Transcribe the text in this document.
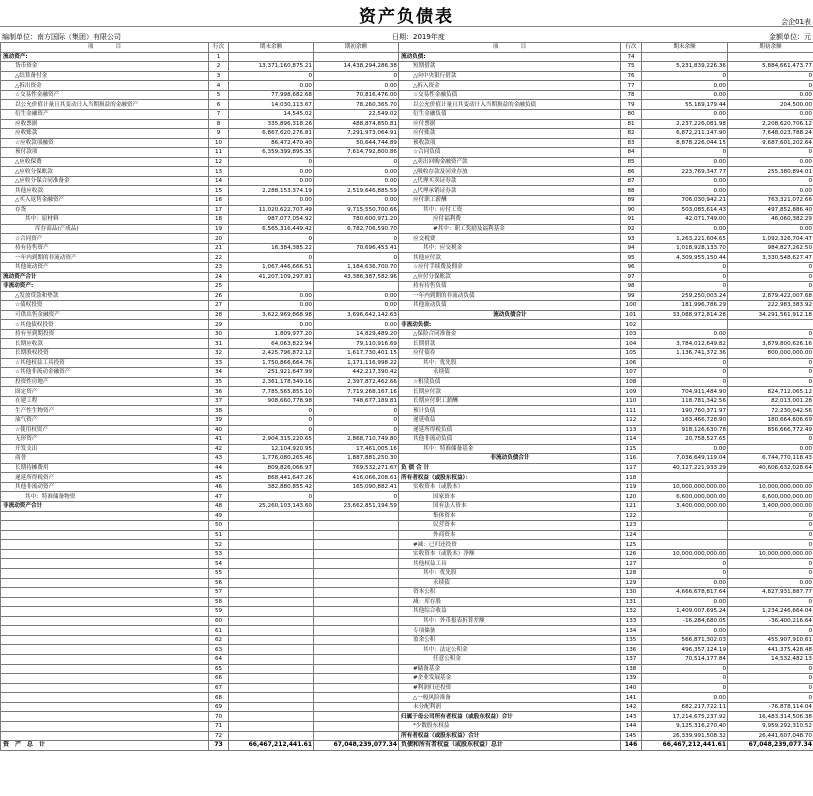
资产负债表	会企01表
编制单位：南方国际（集团）有限公司	日期：2019年度	金额单位：元
项　　　　目	行次	期末余额	期初余额	项　　　　目	行次	期末余额	期初余额
流动资产:	1			流动负债:	74		
货币资金	2	13,371,160,875.21	14,438,294,286.38	短期借款	75	5,231,839,226.36	5,884,661,473.77
△结算备付金	3	0	0	△向中央银行借款	76	0	0
△拆出资金	4	0.00	0.00	△拆入资金	77	0.00	0
☆交易性金融资产	5	77,998,682.68	70,816,476.00	☆交易性金融负债	78	0.00	0.00
以公允价值计量且其变动计入当期损益的金融资产	6	14,030,113.67	78,260,365.70	以公允价值计量且其变动计入当期损益的金融负债	79	55,169,179.44	204,500.00
衍生金融资产	7	14,545.02	22,549.02	衍生金融负债	80	0.00	0.00
应收票据	8	335,896,318.26	488,874,850.81	应付票据	81	2,237,226,081.98	2,208,620,706.12
应收账款	9	6,867,620,276.81	7,291,973,064.91	应付账款	82	6,872,211,147.90	7,648,023,788.24
☆应收款项融资	10	86,472,470.40	50,644,744.89	预收款项	83	8,878,226,044.15	9,687,601,202.64
预付款项	11	6,359,399,895.35	7,614,792,800.86	☆合同负债	84	0	0
△应收保费	12	0	0	△卖出回购金融资产款	85	0.00	0.00
△应收分保账款	13	0.00	0.00	△吸收存款及同业存放	86	223,769,347.77	255,380,894.01
△应收分保合同准备金	14	0.00	0.00	△代理买卖证券款	87	0.00	0
其他应收款	15	2,288,153,374.19	2,519,646,885.59	△代理承销证券款	88	0.00	0.00
△买入返售金融资产	16	0.00	0.00	应付职工薪酬	89	706,030,942.21	763,321,072.66
存货	17	11,020,622,707.49	9,715,550,700.66	其中：应付工资	90	503,085,614.43	497,852,886.40
其中：原材料	18	987,077,054.92	780,600,971.20	应付福利费	91	42,071,749.00	46,060,382.29
库存商品(产成品)	19	6,565,316,449.42	6,782,706,590.70	#其中：职工奖励及福利基金	92	0.00	0.00
☆合同资产	20	0	0	应交税费	93	1,263,221,604.65	1,092,326,704.47
持有待售资产	21	16,384,385.22	70,696,453.41	其中：应交税金	94	1,018,928,133.70	984,827,262.50
一年内到期的非流动资产	22	0	0	其他应付款	95	4,309,955,150.44	3,330,548,627.47
其他流动资产	23	1,067,446,666.51	1,184,636,700.70	☆应付手续费及佣金	96	0	0
流动资产合计	24	41,207,109,297.81	43,386,387,582.96	△应付分保账款	97	0	0
非流动资产:	25			持有待售负债	98	0	0
△发放贷款和垫款	26	0.00	0.00	一年内到期的非流动负债	99	259,250,003.24	2,879,422,007.68
☆债权投资	27	0.00	0.00	其他流动负债	100	181,996,786.29	222,983,383.92
可供出售金融资产	28	3,622,969,868.98	3,696,642,142.63	流动负债合计	101	33,088,972,814.28	34,291,561,912.18
☆其他债权投资	29	0.00	0.00	非流动负债:	102		
持有至到期投资	30	1,809,977.20	14,829,489.20	△保险合同准备金	103	0.00	0
长期应收款	31	64,063,822.94	79,110,916.69	长期借款	104	3,784,012,649.82	3,879,800,626.16
长期股权投资	32	2,425,796,872.12	1,617,730,401.15	应付债券	105	1,136,741,372.36	800,000,000.00
☆其他权益工具投资	33	1,750,866,664.76	1,171,116,998.22	其中：优先股	106	0	0
☆其他非流动金融资产	34	251,921,647.99	442,217,390.42	永续债	107	0	0
投资性房地产	35	2,361,178,349.16	2,397,872,462.66	☆租赁负债	108	0	0
固定资产	36	7,785,565,855.10	7,719,268,167.16	长期应付款	109	704,911,484.90	824,712,065.12
在建工程	37	908,660,778.98	748,677,189.81	长期应付职工薪酬	110	118,781,342.56	82,013,001.28
生产性生物资产	38	0	0	预计负债	111	190,760,371.97	72,230,042.56
油气资产	39	0	0	递延收益	112	163,466,728.90	180,664,606.69
☆使用权资产	40	0	0	递延所得税负债	113	918,126,630.78	856,666,772.49
无形资产	41	2,904,315,220.65	2,868,710,749.80	其他非流动负债	114	20,758,527.65	0
开发支出	42	12,104,920.95	17,461,005.16	其中：特准储备基金	115	0.00	0.00
商誉	43	1,776,080,265.46	1,887,881,250.30	非流动负债合计	116	7,036,649,119.04	6,744,770,118.43
长期待摊费用	44	809,826,066.97	769,532,271.67	负 债 合 计	117	40,127,221,933.29	40,606,632,028.64
递延所得税资产	45	868,441,647.26	416,066,208.61	所有者权益（或股东权益）：	118		
其他非流动资产	46	382,880,855.42	165,090,882.41	实收资本（或股本）	119	10,000,000,000.00	10,000,000,000.00
其中：特准储备物资	47	0	0	国家资本	120	6,600,000,000.00	6,600,000,000.00
非流动资产合计	48	25,260,103,143.60	23,662,851,194.59	国有法人资本	121	3,400,000,000.00	3,400,000,000.00
	49			集体资本	122		0
	50			民营资本	123		0
	51			外商资本	124		0
	52			#减：已归还投资	125		0
	53			实收资本（或股本）净额	126	10,000,000,000.00	10,000,000,000.00
	54			其他权益工具	127	0	0
	55			其中：优先股	128	0	0
	56			永续债	129	0.00	0.00
	57			资本公积	130	4,666,678,817.64	4,827,931,887.77
	58			减：库存股	131	0.00	0
	59			其他综合收益	132	1,409,007,695.24	1,234,246,664.04
	60			其中：外币报表折算差额	133	-16,284,680.05	-36,400,216.64
	61			专项储备	134	0.00	0
	62			盈余公积	135	566,871,302.03	455,907,910.61
	63			其中：法定公积金	136	496,357,124.19	441,375,428.48
	64			任意公积金	137	70,514,177.84	14,532,482.13
	65			#储备基金	138	0	0
	66			#企业发展基金	139	0	0
	67			#利润归还投资	140	0	0
	68			△一般风险准备	141	0.00	0
	69			未分配利润	142	682,217,722.11	-76,878,114.04
	70			归属于母公司所有者权益（或股东权益）合计	143	17,214,675,237.92	16,483,314,506.38
	71			*少数股东权益	144	9,125,316,270.40	9,959,292,310.52
	72			所有者权益（或股东权益）合计	145	26,339,991,508.32	26,441,607,048.70
资　产　总　计	73	66,467,212,441.61	67,048,239,077.34	负债和所有者权益（或股东权益）总计	146	66,467,212,441.61	67,048,239,077.34
